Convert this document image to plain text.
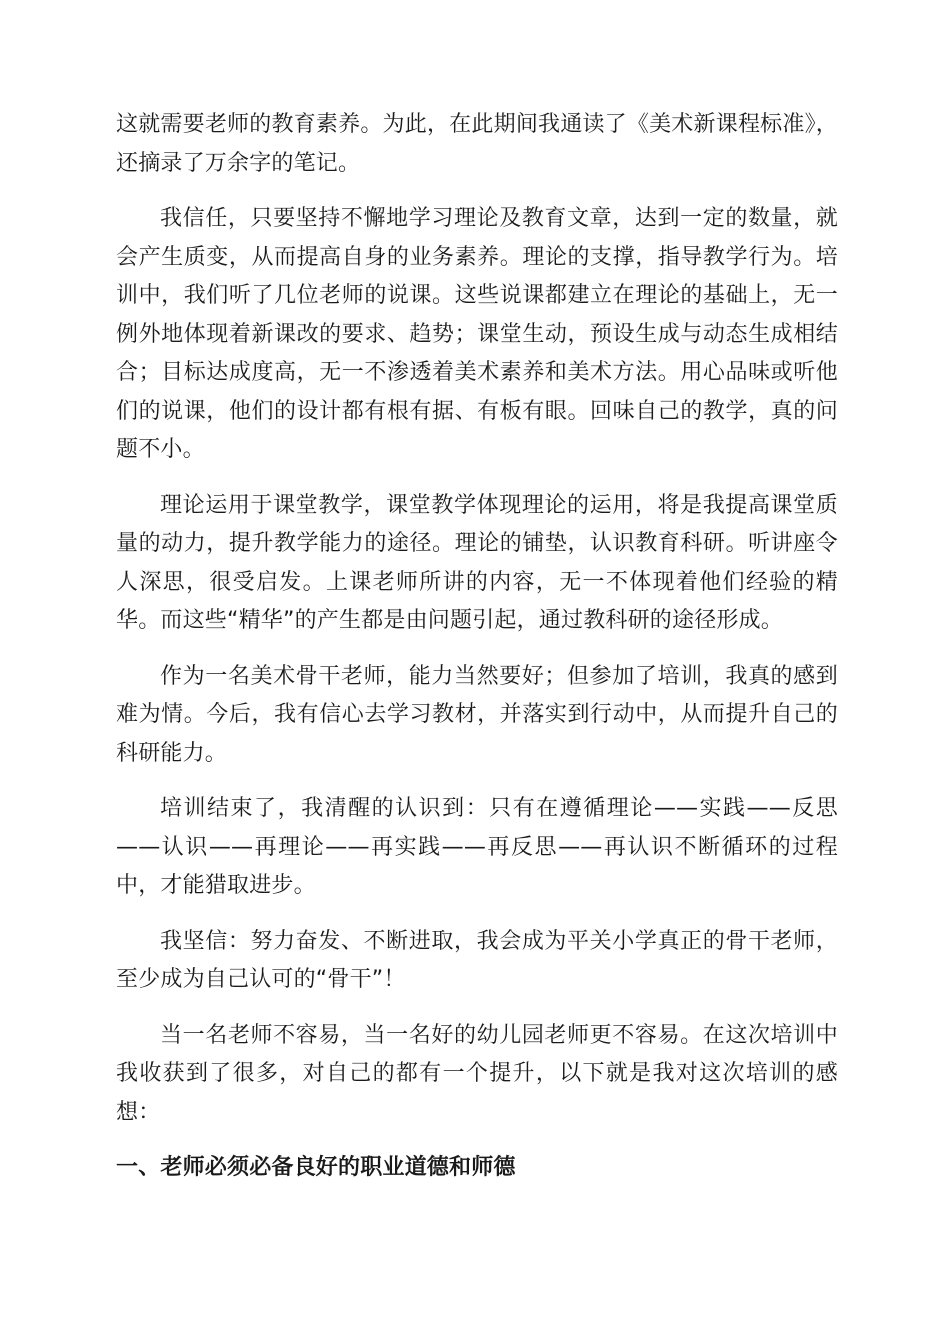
这就需要老师的教育素养。为此，在此期间我通读了《美术新课程标准》，还摘录了万余字的笔记。

我信任，只要坚持不懈地学习理论及教育文章，达到一定的数量，就会产生质变，从而提高自身的业务素养。理论的支撑，指导教学行为。培训中，我们听了几位老师的说课。这些说课都建立在理论的基础上，无一例外地体现着新课改的要求、趋势；课堂生动，预设生成与动态生成相结合；目标达成度高，无一不渗透着美术素养和美术方法。用心品味或听他们的说课，他们的设计都有根有据、有板有眼。回味自己的教学，真的问题不小。

理论运用于课堂教学，课堂教学体现理论的运用，将是我提高课堂质量的动力，提升教学能力的途径。理论的铺垫，认识教育科研。听讲座令人深思，很受启发。上课老师所讲的内容，无一不体现着他们经验的精华。而这些“精华”的产生都是由问题引起，通过教科研的途径形成。

作为一名美术骨干老师，能力当然要好；但参加了培训，我真的感到难为情。今后，我有信心去学习教材，并落实到行动中，从而提升自己的科研能力。

培训结束了，我清醒的认识到：只有在遵循理论——实践——反思——认识——再理论——再实践——再反思——再认识不断循环的过程中，才能猎取进步。

我坚信：努力奋发、不断进取，我会成为平关小学真正的骨干老师，至少成为自己认可的“骨干”！

当一名老师不容易，当一名好的幼儿园老师更不容易。在这次培训中我收获到了很多，对自己的都有一个提升，以下就是我对这次培训的感想：

一、老师必须必备良好的职业道德和师德
